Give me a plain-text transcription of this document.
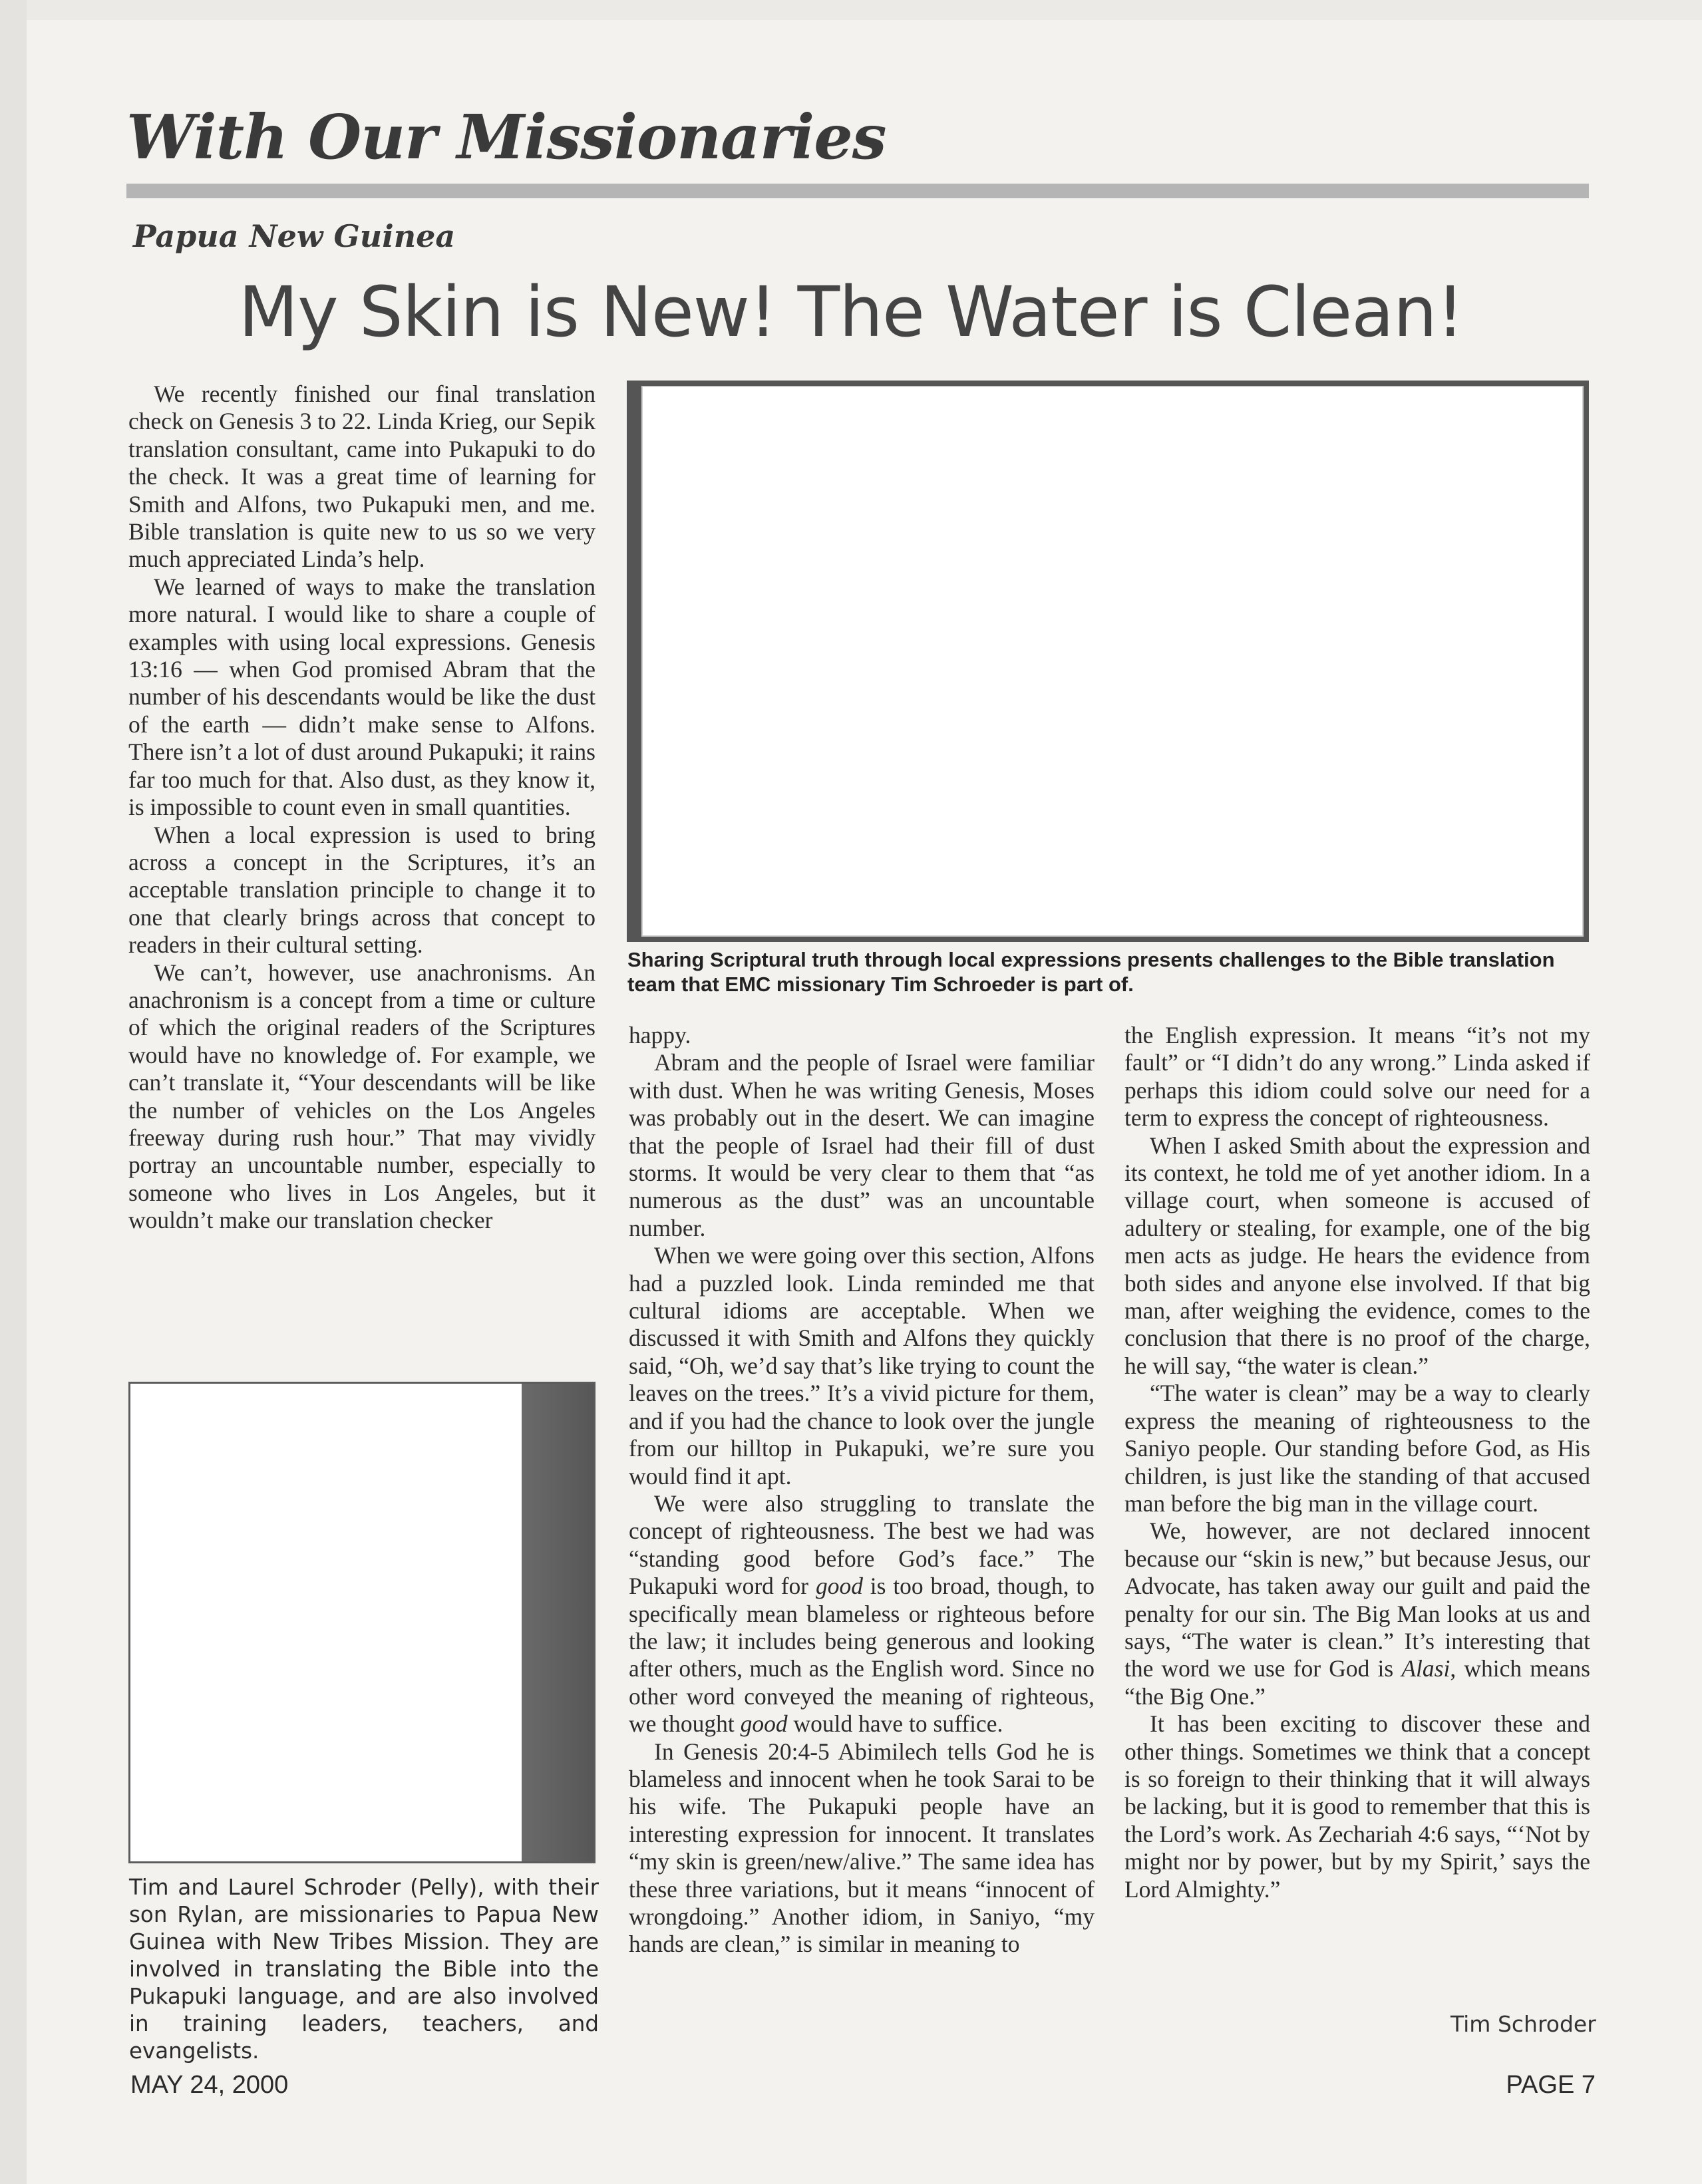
With Our Missionaries
Papua New Guinea
My Skin is New! The Water is Clean!

We recently finished our final translation check on Genesis 3 to 22. Linda Krieg, our Sepik translation consultant, came into Pukapuki to do the check. It was a great time of learning for Smith and Alfons, two Pukapuki men, and me. Bible translation is quite new to us so we very much appreciated Linda’s help.

We learned of ways to make the translation more natural. I would like to share a couple of examples with using local expressions. Genesis 13:16 — when God promised Abram that the number of his descendants would be like the dust of the earth — didn’t make sense to Alfons. There isn’t a lot of dust around Pukapuki; it rains far too much for that. Also dust, as they know it, is impossible to count even in small quantities.

When a local expression is used to bring across a concept in the Scriptures, it’s an acceptable translation principle to change it to one that clearly brings across that concept to readers in their cultural setting.

We can’t, however, use anachronisms. An anachronism is a concept from a time or culture of which the original readers of the Scriptures would have no knowledge of. For example, we can’t translate it, “Your descendants will be like the number of vehicles on the Los Angeles freeway during rush hour.” That may vividly portray an uncountable number, especially to someone who lives in Los Angeles, but it wouldn’t make our translation checker

Sharing Scriptural truth through local expressions presents challenges to the Bible translation team that EMC missionary Tim Schroeder is part of.
Tim and Laurel Schroder (Pelly), with their son Rylan, are missionaries to Papua New Guinea with New Tribes Mission. They are involved in translating the Bible into the Pukapuki language, and are also involved in training leaders, teachers, and evangelists.

happy.

Abram and the people of Israel were familiar with dust. When he was writing Genesis, Moses was probably out in the desert. We can imagine that the people of Israel had their fill of dust storms. It would be very clear to them that “as numerous as the dust” was an uncountable number.

When we were going over this section, Alfons had a puzzled look. Linda reminded me that cultural idioms are acceptable. When we discussed it with Smith and Alfons they quickly said, “Oh, we’d say that’s like trying to count the leaves on the trees.” It’s a vivid picture for them, and if you had the chance to look over the jungle from our hilltop in Pukapuki, we’re sure you would find it apt.

We were also struggling to translate the concept of righteousness. The best we had was “standing good before God’s face.” The Pukapuki word for good is too broad, though, to specifically mean blameless or righteous before the law; it includes being generous and looking after others, much as the English word. Since no other word conveyed the meaning of righteous, we thought good would have to suffice.

In Genesis 20:4-5 Abimilech tells God he is blameless and innocent when he took Sarai to be his wife. The Pukapuki people have an interesting expression for innocent. It translates “my skin is green/new/alive.” The same idea has these three variations, but it means “innocent of wrongdoing.” Another idiom, in Saniyo, “my hands are clean,” is similar in meaning to

the English expression. It means “it’s not my fault” or “I didn’t do any wrong.” Linda asked if perhaps this idiom could solve our need for a term to express the concept of righteousness.

When I asked Smith about the expression and its context, he told me of yet another idiom. In a village court, when someone is accused of adultery or stealing, for example, one of the big men acts as judge. He hears the evidence from both sides and anyone else involved. If that big man, after weighing the evidence, comes to the conclusion that there is no proof of the charge, he will say, “the water is clean.”

“The water is clean” may be a way to clearly express the meaning of righteousness to the Saniyo people. Our standing before God, as His children, is just like the standing of that accused man before the big man in the village court.

We, however, are not declared innocent because our “skin is new,” but because Jesus, our Advocate, has taken away our guilt and paid the penalty for our sin. The Big Man looks at us and says, “The water is clean.” It’s interesting that the word we use for God is Alasi, which means “the Big One.”

It has been exciting to discover these and other things. Sometimes we think that a concept is so foreign to their thinking that it will always be lacking, but it is good to remember that this is the Lord’s work. As Zechariah 4:6 says, “‘Not by might nor by power, but by my Spirit,’ says the Lord Almighty.”

Tim Schroder
MAY 24, 2000	PAGE 7
